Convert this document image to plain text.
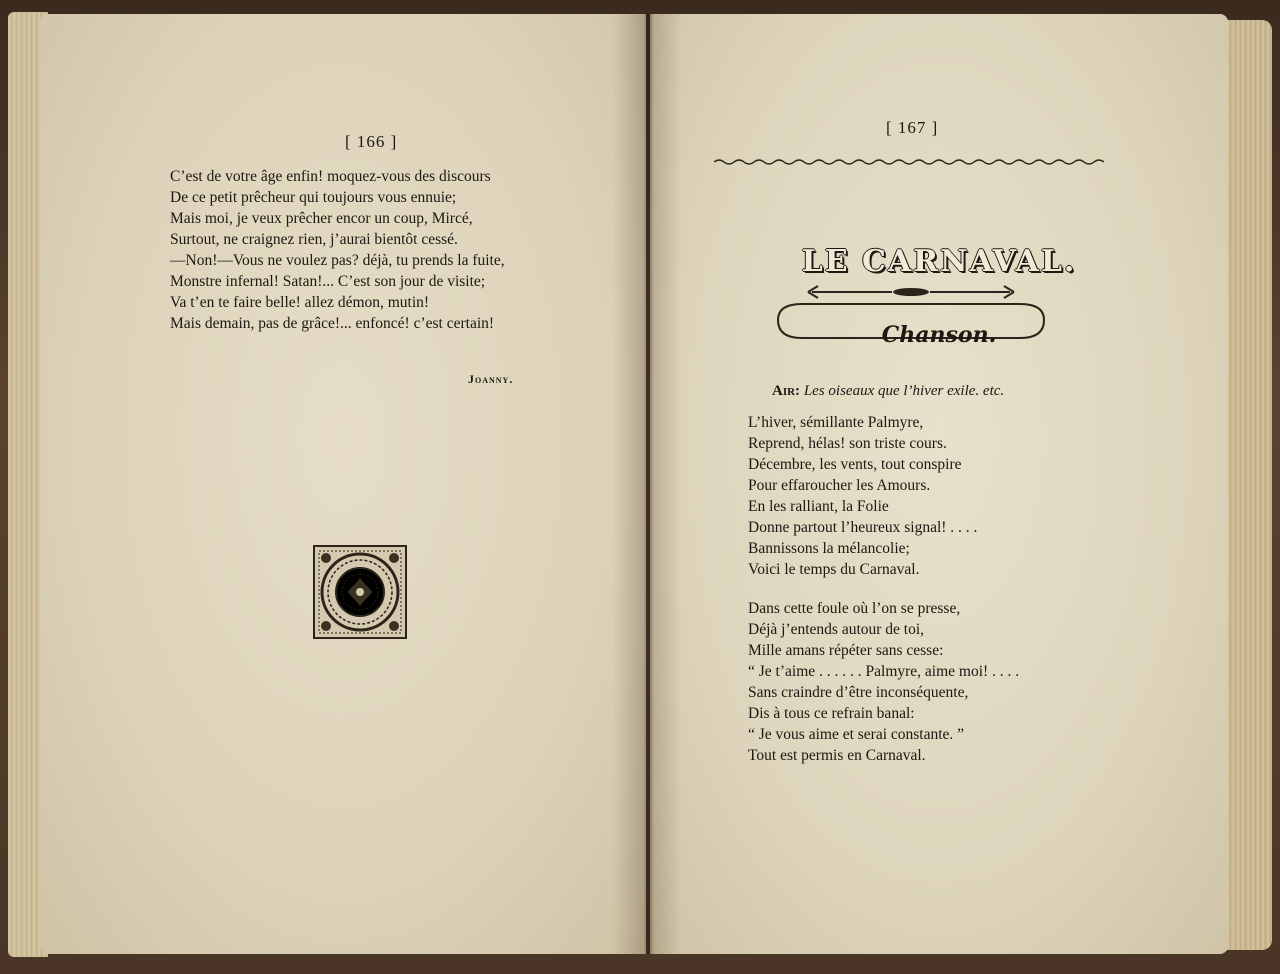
[ 166 ]
C’est de votre âge enfin! moquez-vous des discours
De ce petit prêcheur qui toujours vous ennuie;
Mais moi, je veux prêcher encor un coup, Mircé,
Surtout, ne craignez rien, j’aurai bientôt cessé.
—Non!—Vous ne voulez pas? déjà, tu prends la fuite,
Monstre infernal! Satan!... C’est son jour de visite;
Va t’en te faire belle! allez démon, mutin!
Mais demain, pas de grâce!... enfoncé! c’est certain!
Joanny.
[ 167 ]
LE CARNAVAL.
Chanson.
Air: Les oiseaux que l’hiver exile. etc.
L’hiver, sémillante Palmyre,
Reprend, hélas! son triste cours.
Décembre, les vents, tout conspire
Pour effaroucher les Amours.
En les ralliant, la Folie
Donne partout l’heureux signal! . . . .
Bannissons la mélancolie;
Voici le temps du Carnaval.
Dans cette foule où l’on se presse,
Déjà j’entends autour de toi,
Mille amans répéter sans cesse:
“ Je t’aime . . . . . . Palmyre, aime moi! . . . .
Sans craindre d’être inconséquente,
Dis à tous ce refrain banal:
“ Je vous aime et serai constante. ”
Tout est permis en Carnaval.
